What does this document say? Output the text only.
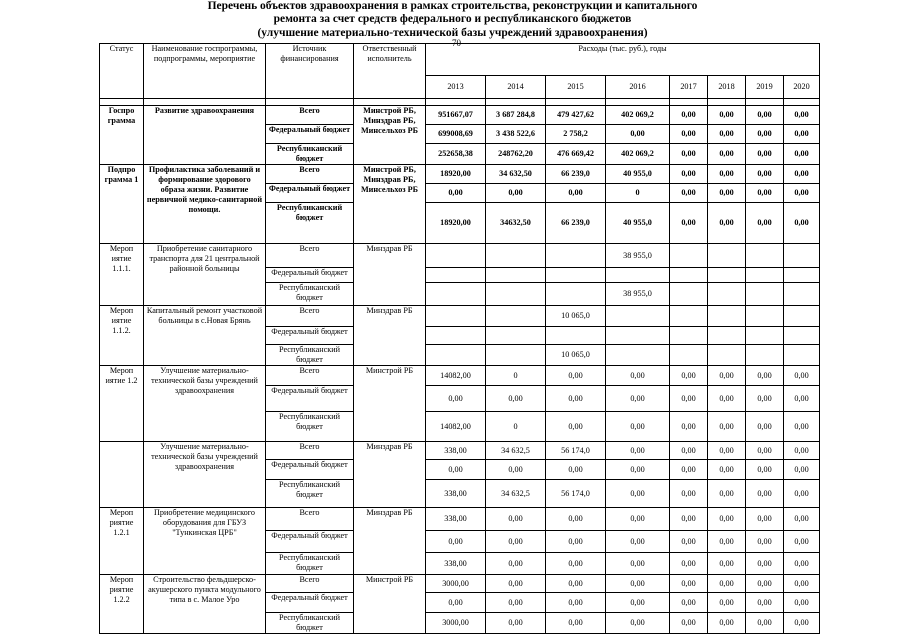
Перечень объектов здравоохранения в рамках строительства, реконструкции и капитального
ремонта за счет средств федерального и республиканского бюджетов
(улучшение материально-технической базы учреждений здравоохранения)
70
Статус	Наименование госпрограммы, подпрограммы, мероприятие	Источник финансирования	Ответственный исполнитель	Расходы (тыс. руб.), годы							
				2013	2014	2015	2016	2017	2018	2019	2020

Госпро грамма	Развитие здравоохранения	Всего	Минстрой РБ, Минздрав РБ, Минсельхоз РБ	951667,07	3 687 284,8	479 427,62	402 069,2	0,00	0,00	0,00	0,00
		Федеральный бюджет		699008,69	3 438 522,6	2 758,2	0,00	0,00	0,00	0,00	0,00
		Республиканский бюджет		252658,38	248762,20	476 669,42	402 069,2	0,00	0,00	0,00	0,00
Подпро грамма 1	Профилактика заболеваний и формирование здорового образа жизни. Развитие первичной медико-санитарной помощи.	Всего	Минстрой РБ, Минздрав РБ, Минсельхоз РБ	18920,00	34 632,50	66 239,0	40 955,0	0,00	0,00	0,00	0,00
		Федеральный бюджет		0,00	0,00	0,00	0	0,00	0,00	0,00	0,00
		Республиканский бюджет		18920,00	34632,50	66 239,0	40 955,0	0,00	0,00	0,00	0,00
Мероп иятие 1.1.1.	Приобретение санитарного транспорта для 21 центральной районной больницы	Всего	Минздрав РБ				38 955,0				
		Федеральный бюджет									
		Республиканский бюджет					38 955,0				
Мероп иятие 1.1.2.	Капитальный ремонт участковой больницы в с.Новая Брянь	Всего	Минздрав РБ			10 065,0					
		Федеральный бюджет									
		Республиканский бюджет				10 065,0					
Мероп иятие 1.2	Улучшение материально-технической базы учреждений здравоохранения	Всего	Минстрой РБ	14082,00	0	0,00	0,00	0,00	0,00	0,00	0,00
		Федеральный бюджет		0,00	0,00	0,00	0,00	0,00	0,00	0,00	0,00
		Республиканский бюджет		14082,00	0	0,00	0,00	0,00	0,00	0,00	0,00
	Улучшение материально-технической базы учреждений здравоохранения	Всего	Минздрав РБ	338,00	34 632,5	56 174,0	0,00	0,00	0,00	0,00	0,00
		Федеральный бюджет		0,00	0,00	0,00	0,00	0,00	0,00	0,00	0,00
		Республиканский бюджет		338,00	34 632,5	56 174,0	0,00	0,00	0,00	0,00	0,00
Мероп риятие 1.2.1	Приобретение медицинского оборудования для ГБУЗ "Тункинская ЦРБ"	Всего	Минздрав РБ	338,00	0,00	0,00	0,00	0,00	0,00	0,00	0,00
		Федеральный бюджет		0,00	0,00	0,00	0,00	0,00	0,00	0,00	0,00
		Республиканский бюджет		338,00	0,00	0,00	0,00	0,00	0,00	0,00	0,00
Мероп риятие 1.2.2	Строительство фельдшерско-акушерского пункта модульного типа в с. Малое Уро	Всего	Минстрой РБ	3000,00	0,00	0,00	0,00	0,00	0,00	0,00	0,00
		Федеральный бюджет		0,00	0,00	0,00	0,00	0,00	0,00	0,00	0,00
		Республиканский бюджет		3000,00	0,00	0,00	0,00	0,00	0,00	0,00	0,00
